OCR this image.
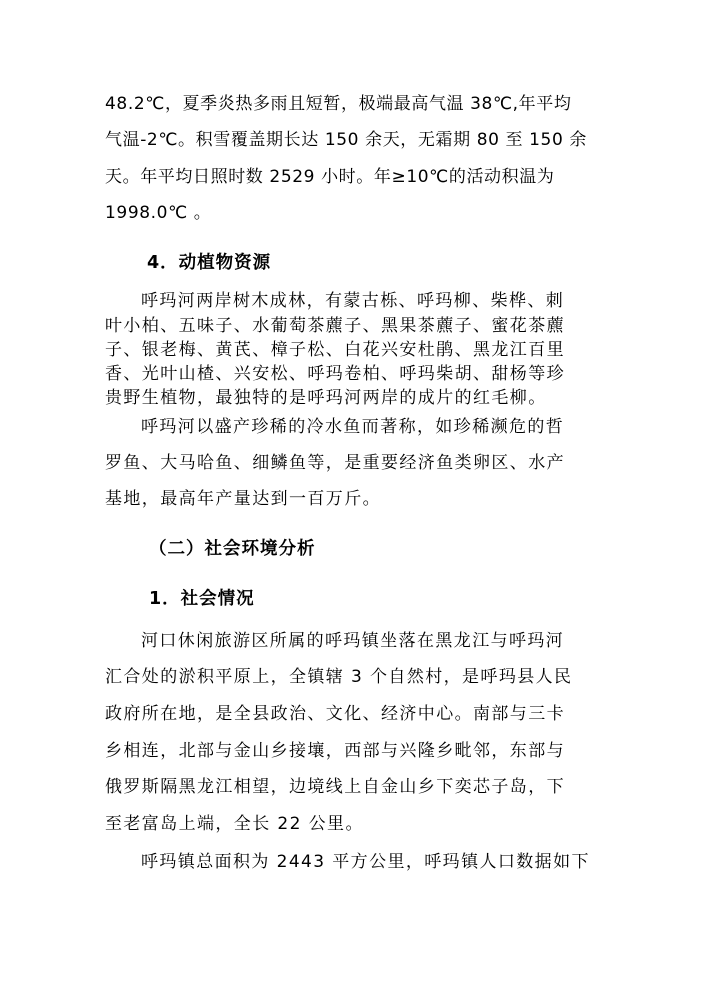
48.2℃，夏季炎热多雨且短暂，极端最高气温 38℃,年平均

气温-2℃。积雪覆盖期长达 150 余天，无霜期 80 至 150 余

天。年平均日照时数 2529 小时。年≥10℃的活动积温为

1998.0℃ 。

4．动植物资源

呼玛河两岸树木成林，有蒙古栎、呼玛柳、柴桦、刺

叶小柏、五味子、水葡萄茶藨子、黑果茶藨子、蜜花茶藨

子、银老梅、黄芪、樟子松、白花兴安杜鹃、黑龙江百里

香、光叶山楂、兴安松、呼玛卷柏、呼玛柴胡、甜杨等珍

贵野生植物，最独特的是呼玛河两岸的成片的红毛柳。

呼玛河以盛产珍稀的冷水鱼而著称，如珍稀濒危的哲

罗鱼、大马哈鱼、细鳞鱼等，是重要经济鱼类卵区、水产

基地，最高年产量达到一百万斤。

（二）社会环境分析

1．社会情况

河口休闲旅游区所属的呼玛镇坐落在黑龙江与呼玛河

汇合处的淤积平原上，全镇辖 3 个自然村，是呼玛县人民

政府所在地，是全县政治、文化、经济中心。南部与三卡

乡相连，北部与金山乡接壤，西部与兴隆乡毗邻，东部与

俄罗斯隔黑龙江相望，边境线上自金山乡下奕芯子岛，下

至老富岛上端，全长 22 公里。

呼玛镇总面积为 2443 平方公里，呼玛镇人口数据如下
